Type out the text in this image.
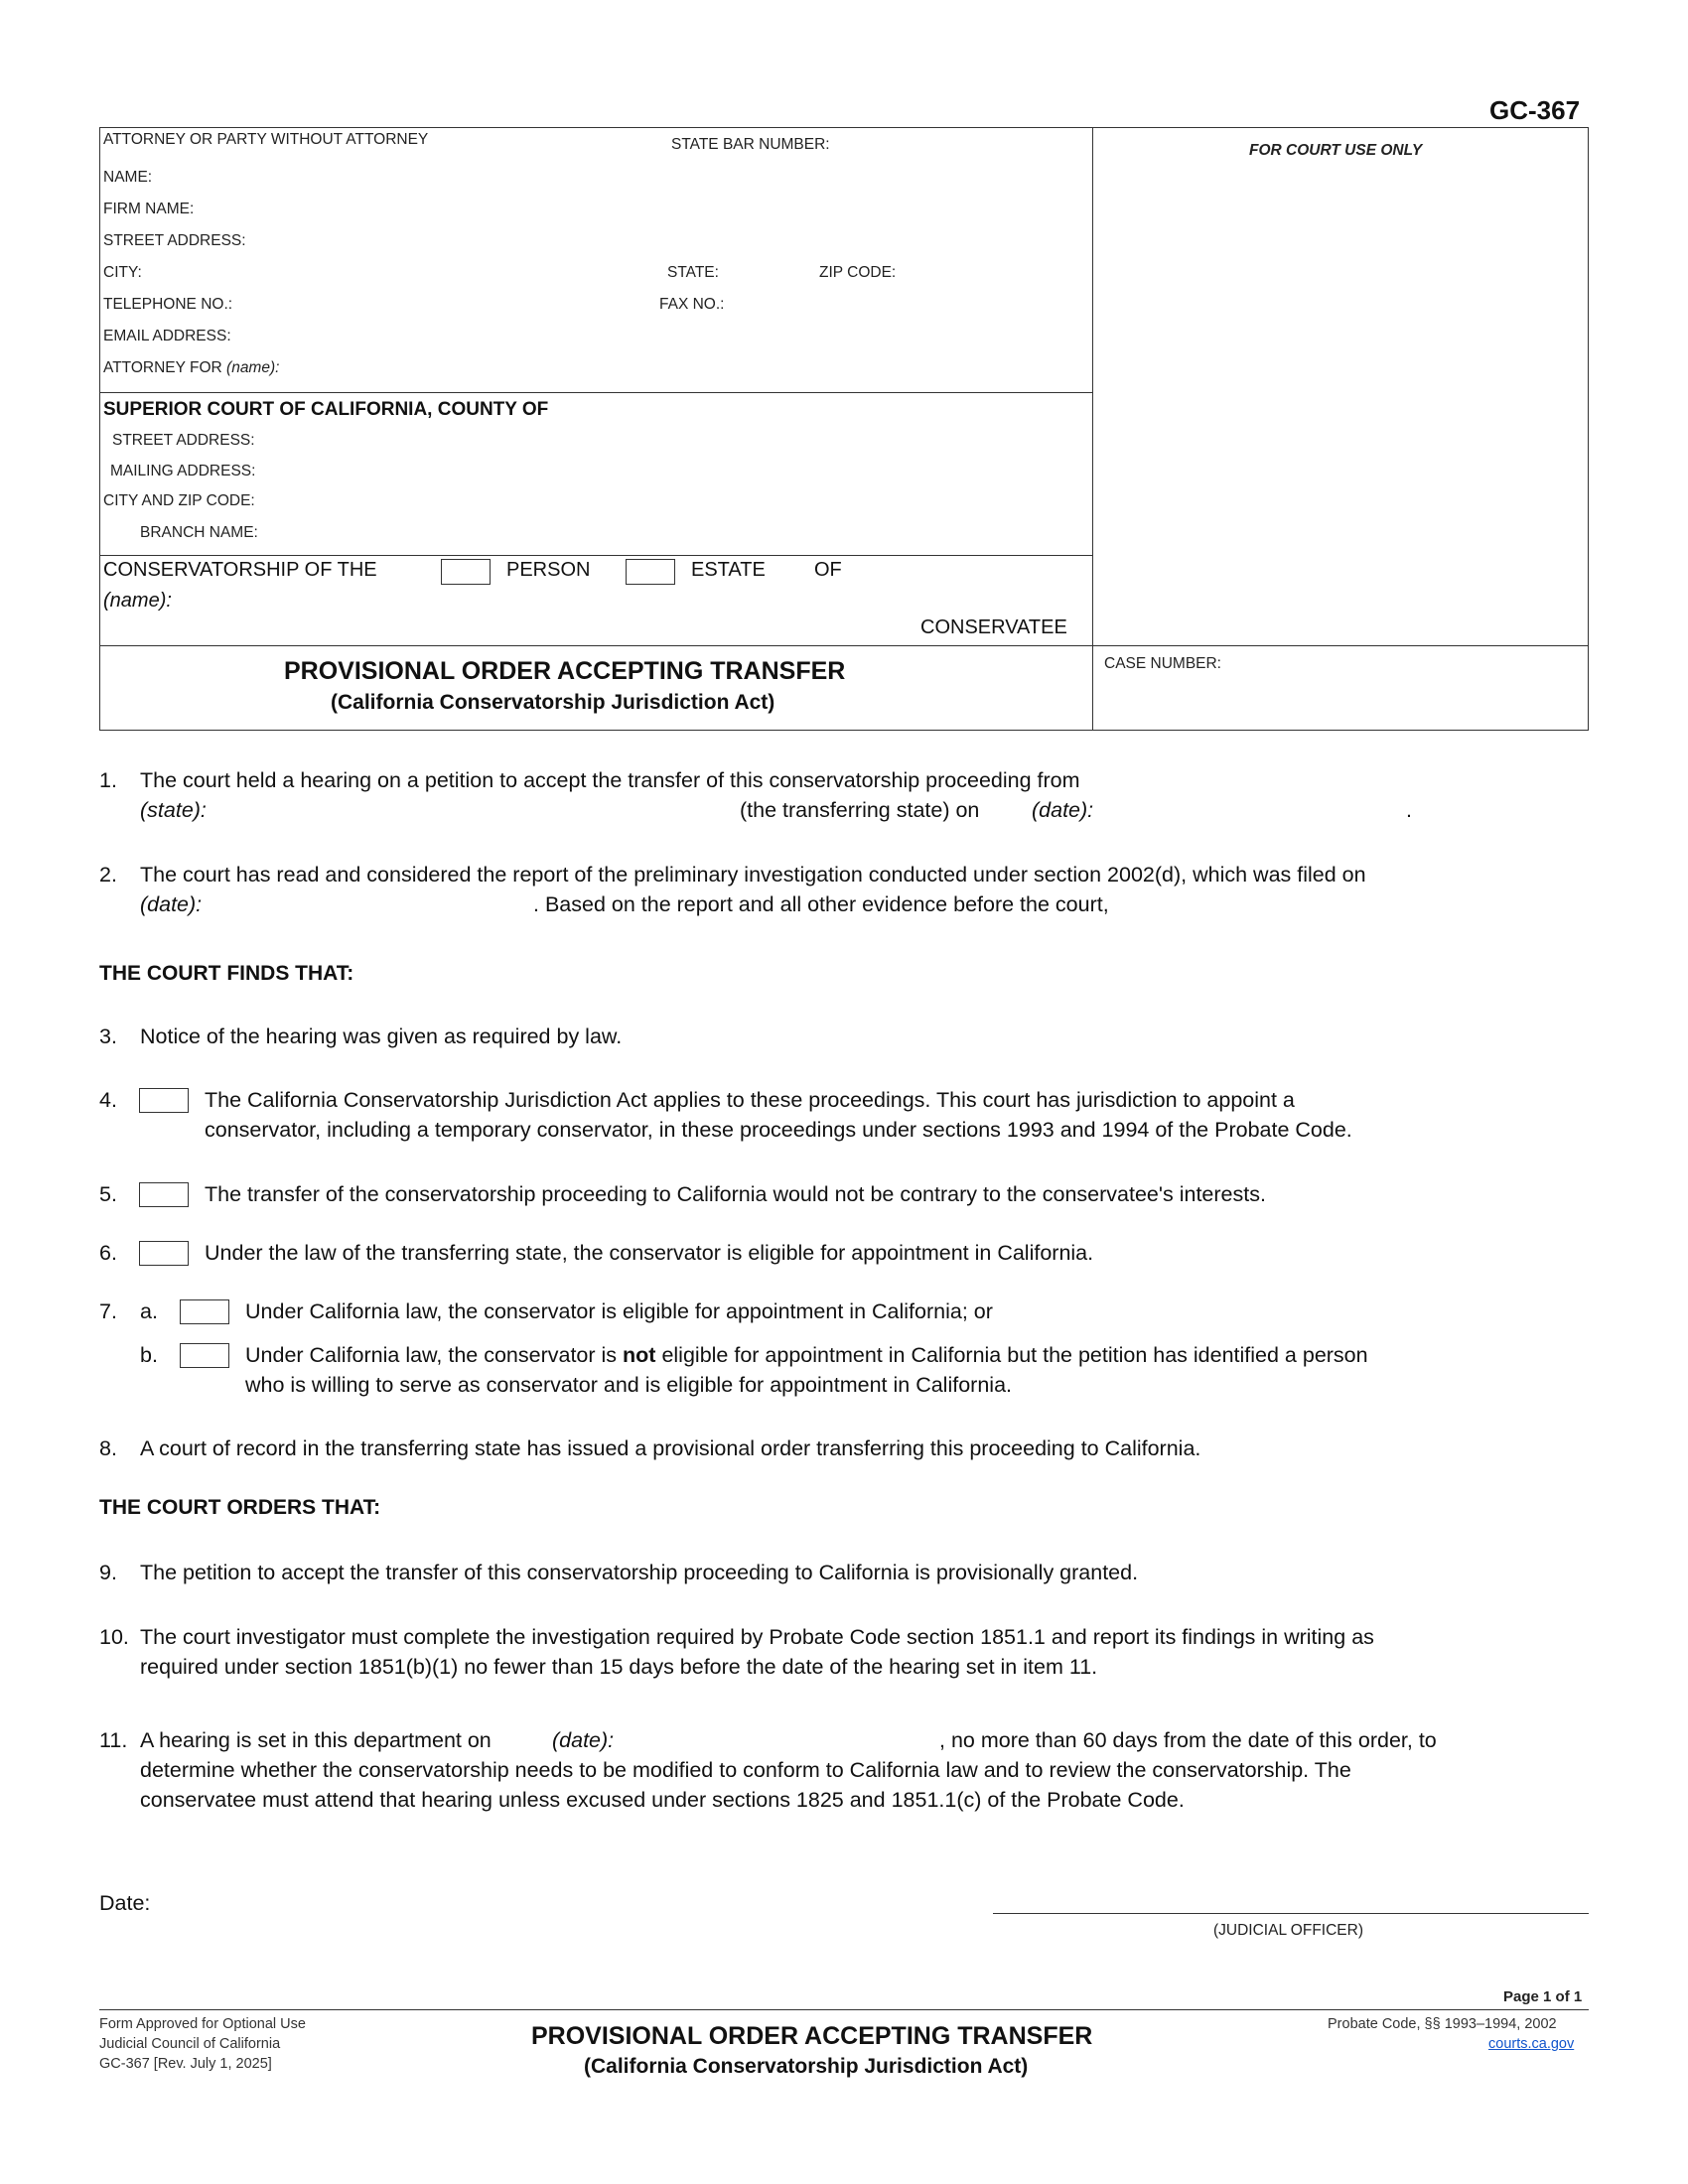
GC-367
ATTORNEY OR PARTY WITHOUT ATTORNEY	STATE BAR NUMBER:
NAME:
FIRM NAME:
STREET ADDRESS:
CITY:	STATE:	ZIP CODE:
TELEPHONE NO.:	FAX NO.:
EMAIL ADDRESS:
ATTORNEY FOR (name):
FOR COURT USE ONLY
SUPERIOR COURT OF CALIFORNIA, COUNTY OF
STREET ADDRESS:
MAILING ADDRESS:
CITY AND ZIP CODE:
BRANCH NAME:
CONSERVATORSHIP OF THE	PERSON	ESTATE OF
(name):
CONSERVATEE
PROVISIONAL ORDER ACCEPTING TRANSFER
(California Conservatorship Jurisdiction Act)
CASE NUMBER:
1. The court held a hearing on a petition to accept the transfer of this conservatorship proceeding from
(state):	(the transferring state) on (date):	.
2. The court has read and considered the report of the preliminary investigation conducted under section 2002(d), which was filed on
(date):	. Based on the report and all other evidence before the court,
THE COURT FINDS THAT:
3. Notice of the hearing was given as required by law.
4.	The California Conservatorship Jurisdiction Act applies to these proceedings. This court has jurisdiction to appoint a
conservator, including a temporary conservator, in these proceedings under sections 1993 and 1994 of the Probate Code.
5.	The transfer of the conservatorship proceeding to California would not be contrary to the conservatee's interests.
6.	Under the law of the transferring state, the conservator is eligible for appointment in California.
7. a.	Under California law, the conservator is eligible for appointment in California; or
b.	Under California law, the conservator is not eligible for appointment in California but the petition has identified a person
who is willing to serve as conservator and is eligible for appointment in California.
8. A court of record in the transferring state has issued a provisional order transferring this proceeding to California.
THE COURT ORDERS THAT:
9. The petition to accept the transfer of this conservatorship proceeding to California is provisionally granted.
10. The court investigator must complete the investigation required by Probate Code section 1851.1 and report its findings in writing as
required under section 1851(b)(1) no fewer than 15 days before the date of the hearing set in item 11.
11. A hearing is set in this department on	(date):	, no more than 60 days from the date of this order, to
determine whether the conservatorship needs to be modified to conform to California law and to review the conservatorship. The
conservatee must attend that hearing unless excused under sections 1825 and 1851.1(c) of the Probate Code.
Date:
(JUDICIAL OFFICER)
Page 1 of 1
Form Approved for Optional Use
Judicial Council of California
GC-367 [Rev. July 1, 2025]
PROVISIONAL ORDER ACCEPTING TRANSFER
(California Conservatorship Jurisdiction Act)
Probate Code, §§ 1993–1994, 2002
courts.ca.gov
